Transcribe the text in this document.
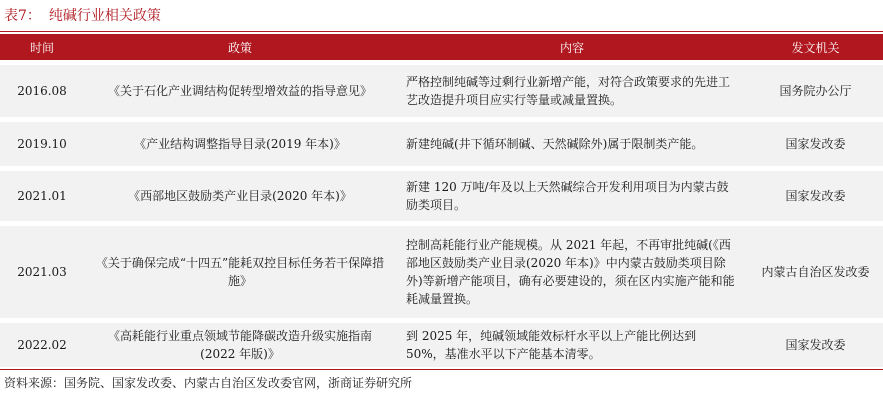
表7： 纯碱行业相关政策
时间	政策	内容	发文机关

2016.08	《关于石化产业调结构促转型增效益的指导意见》	严格控制纯碱等过剩行业新增产能，对符合政策要求的先进工艺改造提升项目应实行等量或减量置换。	国务院办公厅

2019.10	《产业结构调整指导目录(2019 年本)》	新建纯碱(井下循环制碱、天然碱除外)属于限制类产能。	国家发改委

2021.01	《西部地区鼓励类产业目录(2020 年本)》	新建 120 万吨/年及以上天然碱综合开发利用项目为内蒙古鼓励类项目。	国家发改委

2021.03	《关于确保完成“十四五”能耗双控目标任务若干保障措施》	控制高耗能行业产能规模。从 2021 年起，不再审批纯碱(《西部地区鼓励类产业目录(2020 年本)》中内蒙古鼓励类项目除外)等新增产能项目，确有必要建设的，须在区内实施产能和能耗减量置换。	内蒙古自治区发改委

2022.02	《高耗能行业重点领域节能降碳改造升级实施指南(2022 年版)》	到 2025 年，纯碱领域能效标杆水平以上产能比例达到 50%，基准水平以下产能基本清零。	国家发改委
资料来源：国务院、国家发改委、内蒙古自治区发改委官网，浙商证券研究所
